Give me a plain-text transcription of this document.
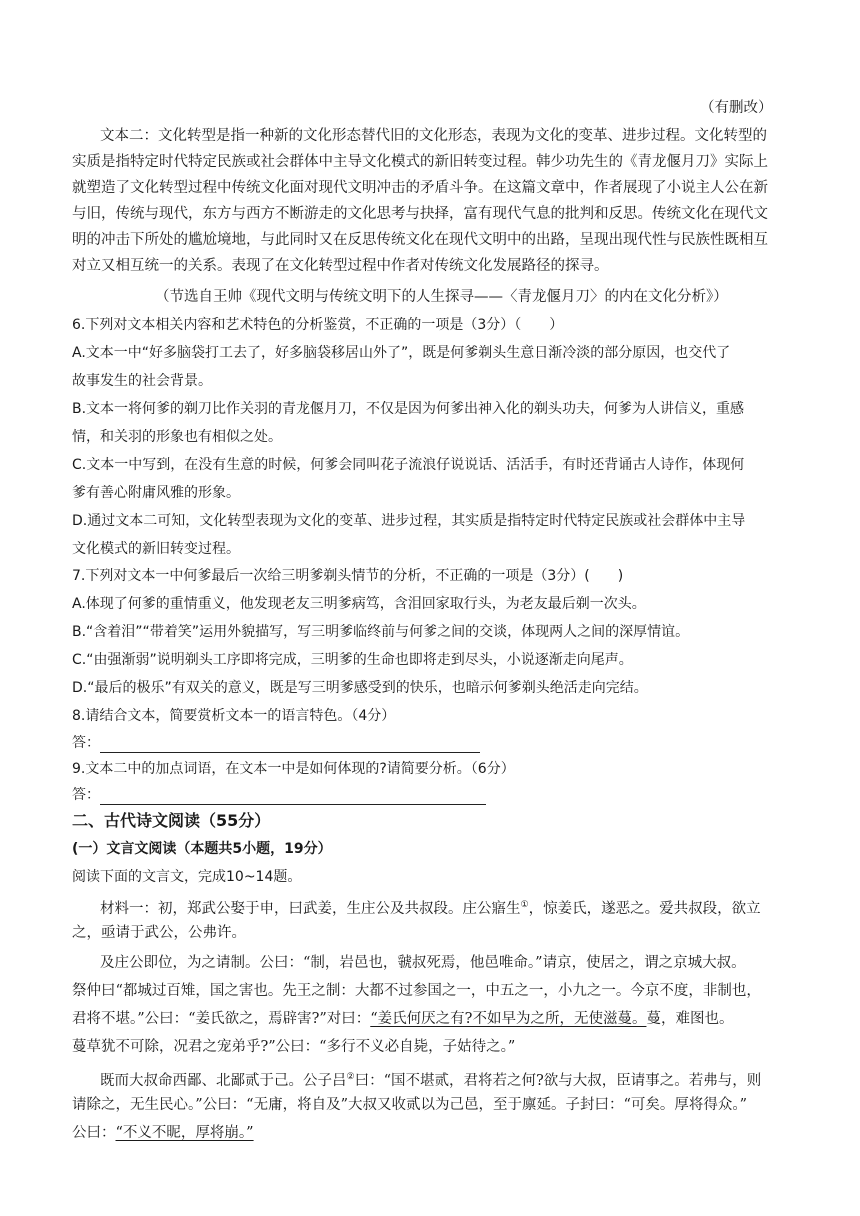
（有删改）
文本二：文化转型是指一种新的文化形态替代旧的文化形态，表现为文化的变革、进步过程。文化转型的
实质是指特定时代特定民族或社会群体中主导文化模式的新旧转变过程。韩少功先生的《青龙偃月刀》实际上
就塑造了文化转型过程中传统文化面对现代文明冲击的矛盾斗争。在这篇文章中，作者展现了小说主人公在新
与旧，传统与现代，东方与西方不断游走的文化思考与抉择，富有现代气息的批判和反思。传统文化在现代文
明的冲击下所处的尴尬境地，与此同时又在反思传统文化在现代文明中的出路，呈现出现代性与民族性既相互
对立又相互统一的关系。表现了在文化转型过程中作者对传统文化发展路径的探寻。
（节选自王帅《现代文明与传统文明下的人生探寻——〈青龙偃月刀〉的内在文化分析》）
6.下列对文本相关内容和艺术特色的分析鉴赏，不正确的一项是（3分）（　　）
A.文本一中“好多脑袋打工去了，好多脑袋移居山外了”，既是何爹剃头生意日渐冷淡的部分原因，也交代了
故事发生的社会背景。
B.文本一将何爹的剃刀比作关羽的青龙偃月刀，不仅是因为何爹出神入化的剃头功夫，何爹为人讲信义，重感
情，和关羽的形象也有相似之处。
C.文本一中写到，在没有生意的时候，何爹会同叫花子流浪仔说说话、活活手，有时还背诵古人诗作，体现何
爹有善心附庸风雅的形象。
D.通过文本二可知，文化转型表现为文化的变革、进步过程，其实质是指特定时代特定民族或社会群体中主导
文化模式的新旧转变过程。
7.下列对文本一中何爹最后一次给三明爹剃头情节的分析，不正确的一项是（3分）(　　)
A.体现了何爹的重情重义，他发现老友三明爹病笃，含泪回家取行头，为老友最后剃一次头。
B.“含着泪”“带着笑”运用外貌描写，写三明爹临终前与何爹之间的交谈，体现两人之间的深厚情谊。
C.“由强渐弱”说明剃头工序即将完成，三明爹的生命也即将走到尽头，小说逐渐走向尾声。
D.“最后的极乐”有双关的意义，既是写三明爹感受到的快乐，也暗示何爹剃头绝活走向完结。
8.请结合文本，简要赏析文本一的语言特色。（4分）
答：
9.文本二中的加点词语，在文本一中是如何体现的?请简要分析。（6分）
答：
二、古代诗文阅读（55分）
(一）文言文阅读（本题共5小题，19分）
阅读下面的文言文，完成10~14题。
材料一：初，郑武公娶于申，曰武姜，生庄公及共叔段。庄公寤生①，惊姜氏，遂恶之。爱共叔段，欲立
之，亟请于武公，公弗许。
及庄公即位，为之请制。公曰：“制，岩邑也，虢叔死焉，他邑唯命。”请京，使居之，谓之京城大叔。
祭仲曰“都城过百雉，国之害也。先王之制：大都不过参国之一，中五之一，小九之一。今京不度，非制也，
君将不堪。”公曰：“姜氏欲之，焉辟害?”对曰：“姜氏何厌之有?不如早为之所，无使滋蔓。蔓，难图也。
蔓草犹不可除，况君之宠弟乎?”公曰：“多行不义必自毙，子姑待之。”
既而大叔命西鄙、北鄙贰于己。公子吕②曰：“国不堪贰，君将若之何?欲与大叔，臣请事之。若弗与，则
请除之，无生民心。”公曰：“无庸，将自及”大叔又收贰以为己邑，至于廪延。子封曰：“可矣。厚将得众。”
公曰：“不义不昵，厚将崩。”
